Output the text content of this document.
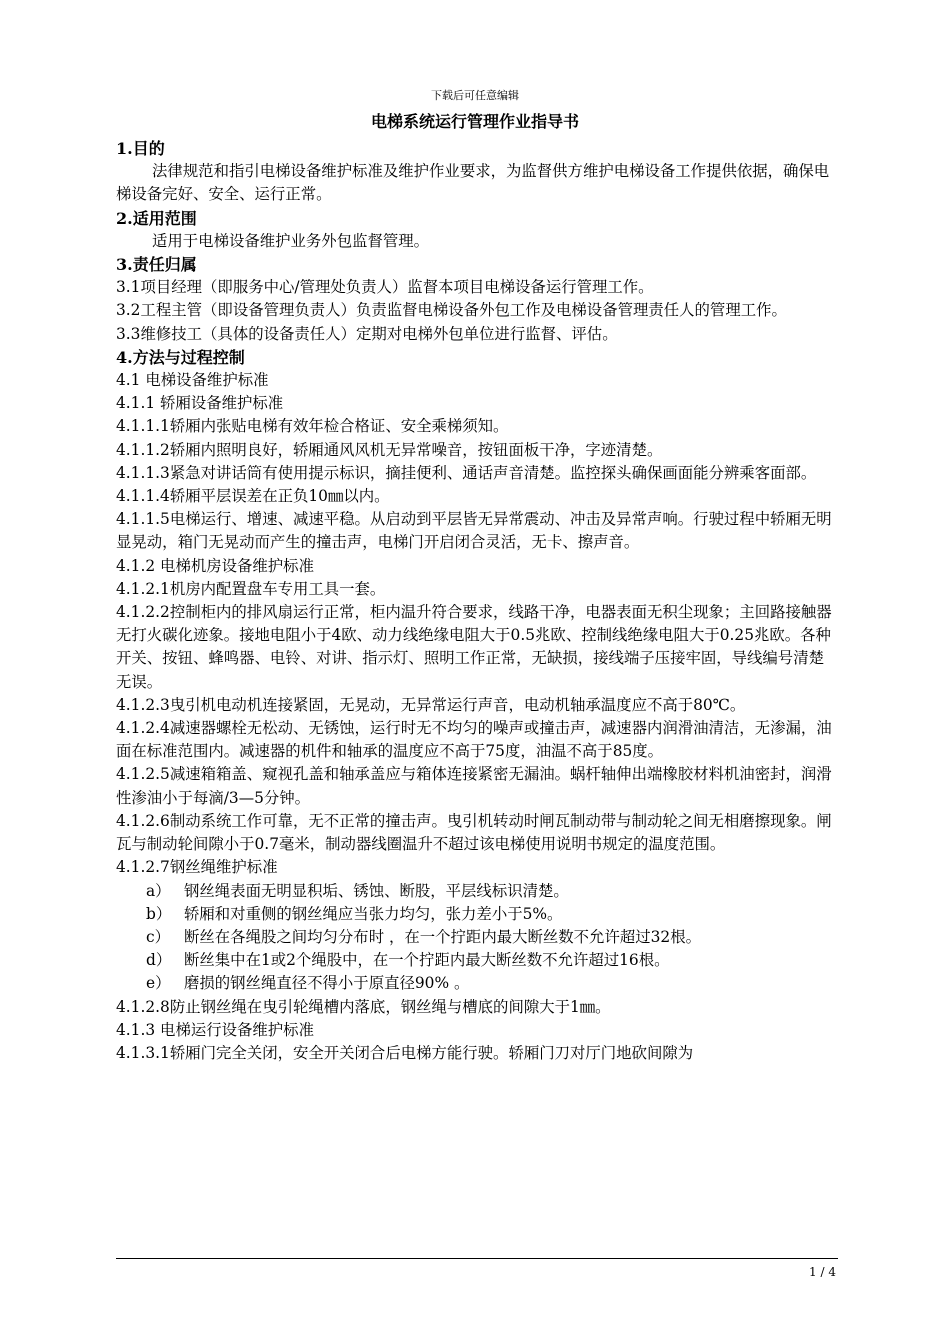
下载后可任意编辑
电梯系统运行管理作业指导书

1.目的

法律规范和指引电梯设备维护标准及维护作业要求，为监督供方维护电梯设备工作提供依据，确保电梯设备完好、安全、运行正常。

2.适用范围

适用于电梯设备维护业务外包监督管理。

3.责任归属

3.1项目经理（即服务中心/管理处负责人）监督本项目电梯设备运行管理工作。

3.2工程主管（即设备管理负责人）负责监督电梯设备外包工作及电梯设备管理责任人的管理工作。

3.3维修技工（具体的设备责任人）定期对电梯外包单位进行监督、评估。

4.方法与过程控制

4.1 电梯设备维护标准

4.1.1 轿厢设备维护标准

4.1.1.1轿厢内张贴电梯有效年检合格证、安全乘梯须知。

4.1.1.2轿厢内照明良好，轿厢通风风机无异常噪音，按钮面板干净，字迹清楚。

4.1.1.3紧急对讲话筒有使用提示标识，摘挂便利、通话声音清楚。监控探头确保画面能分辨乘客面部。

4.1.1.4轿厢平层误差在正负10㎜以内。

4.1.1.5电梯运行、增速、减速平稳。从启动到平层皆无异常震动、冲击及异常声响。行驶过程中轿厢无明显晃动，箱门无晃动而产生的撞击声，电梯门开启闭合灵活，无卡、擦声音。

4.1.2 电梯机房设备维护标准

4.1.2.1机房内配置盘车专用工具一套。

4.1.2.2控制柜内的排风扇运行正常，柜内温升符合要求，线路干净，电器表面无积尘现象；主回路接触器无打火碳化迹象。接地电阻小于4欧、动力线绝缘电阻大于0.5兆欧、控制线绝缘电阻大于0.25兆欧。各种开关、按钮、蜂鸣器、电铃、对讲、指示灯、照明工作正常，无缺损，接线端子压接牢固，导线编号清楚无误。

4.1.2.3曳引机电动机连接紧固，无晃动，无异常运行声音，电动机轴承温度应不高于80℃。

4.1.2.4减速器螺栓无松动、无锈蚀，运行时无不均匀的噪声或撞击声，减速器内润滑油清洁，无渗漏，油面在标准范围内。减速器的机件和轴承的温度应不高于75度，油温不高于85度。

4.1.2.5减速箱箱盖、窥视孔盖和轴承盖应与箱体连接紧密无漏油。蜗杆轴伸出端橡胶材料机油密封，润滑性渗油小于每滴/3—5分钟。

4.1.2.6制动系统工作可靠，无不正常的撞击声。曳引机转动时闸瓦制动带与制动轮之间无相磨擦现象。闸瓦与制动轮间隙小于0.7毫米，制动器线圈温升不超过该电梯使用说明书规定的温度范围。

4.1.2.7钢丝绳维护标准

a） 钢丝绳表面无明显积垢、锈蚀、断股，平层线标识清楚。

b） 轿厢和对重侧的钢丝绳应当张力均匀，张力差小于5%。

c） 断丝在各绳股之间均匀分布时 ，在一个拧距内最大断丝数不允许超过32根。

d） 断丝集中在1或2个绳股中，在一个拧距内最大断丝数不允许超过16根。

e） 磨损的钢丝绳直径不得小于原直径90% 。

4.1.2.8防止钢丝绳在曳引轮绳槽内落底，钢丝绳与槽底的间隙大于1㎜。

4.1.3 电梯运行设备维护标准

4.1.3.1轿厢门完全关闭，安全开关闭合后电梯方能行驶。轿厢门刀对厅门地砍间隙为

1 / 4
